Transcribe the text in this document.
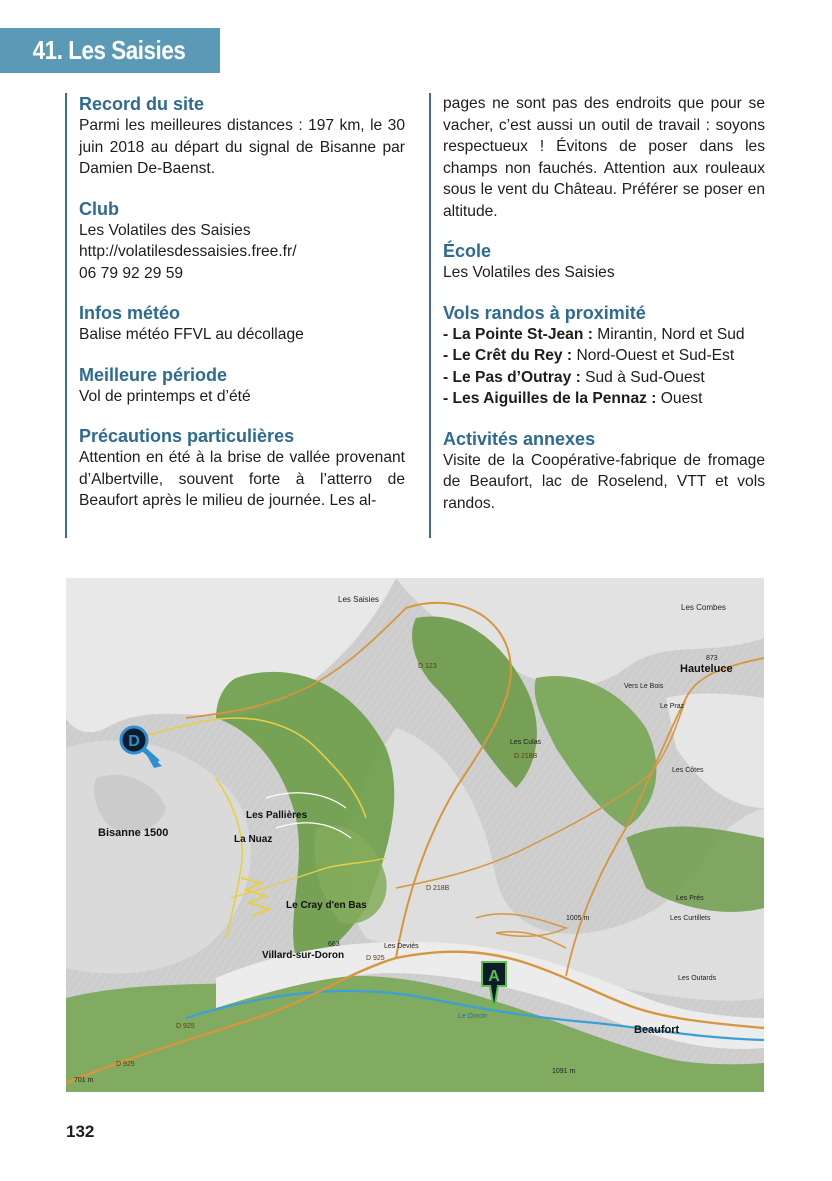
41. Les Saisies
Record du site

Parmi les meilleures distances : 197 km, le 30 juin 2018 au départ du signal de Bisanne par Damien De-Baenst.

Club

Les Volatiles des Saisies

http://volatilesdessaisies.free.fr/

06 79 92 29 59

Infos météo

Balise météo FFVL au décollage

Meilleure période

Vol de printemps et d’été

Précautions particulières

Attention en été à la brise de vallée provenant d’Albertville, souvent forte à l’atterro de Beaufort après le milieu de journée. Les al-

pages ne sont pas des endroits que pour se vacher, c’est aussi un outil de travail : soyons respectueux ! Évitons de poser dans les champs non fauchés. Attention aux rouleaux sous le vent du Château. Préférer se poser en altitude.

École

Les Volatiles des Saisies

Vols randos à proximité

- La Pointe St-Jean : Mirantin, Nord et Sud

- Le Crêt du Rey : Nord-Ouest et Sud-Est

- Le Pas d’Outray : Sud à Sud-Ouest

- Les Aiguilles de la Pennaz : Ouest

Activités annexes

Visite de la Coopérative-fabrique de fromage de Beaufort, lac de Roselend, VTT et vols randos.

Les Saisies
Les Combes
Hauteluce
873
Vers Le Bois
Le Praz
Les Culas
Les Côtes
Les Pallières
La Nuaz
Bisanne 1500
Le Cray d'en Bas
Villard-sur-Doron
663	Les Deviés
Beaufort
Les Curtillets
Les Outards
Les Prés
Le Doron
D 925
D 925
D 925
D 218B
D 218B
D 123
701 m
1091 m
1005 m
D
A
132
